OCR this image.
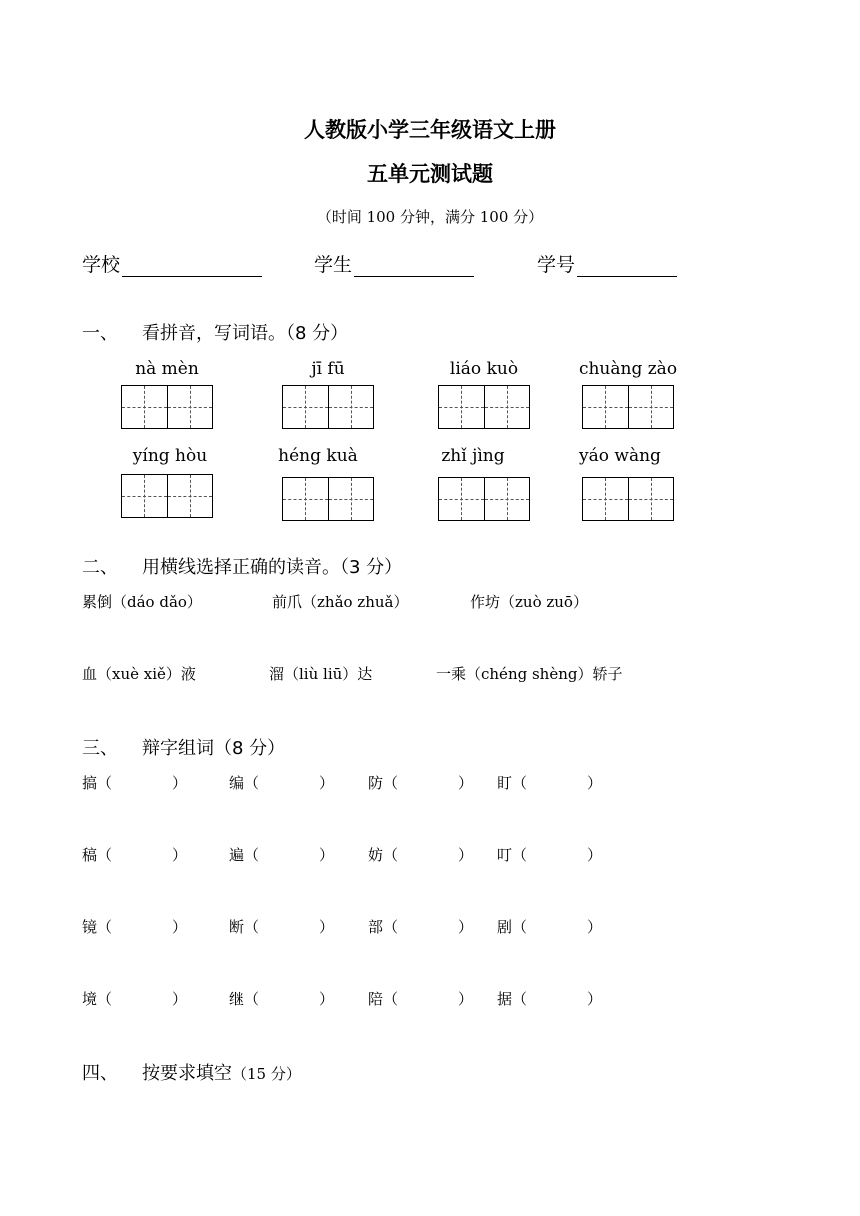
人教版小学三年级语文上册
五单元测试题
（时间 100 分钟，满分 100 分）
学校	学生	学号
一、 看拼音，写词语。（8 分）
nà mèn	jī fū	liáo kuò	chuàng zào
yíng hòu	héng kuà	zhǐ jìng	yáo wàng
二、 用横线选择正确的读音。（3 分）
累倒（dáo dǎo）	前爪（zhǎo zhuǎ）	作坊（zuò zuō）
血（xuè xiě）液	溜（liù liū）达	一乘（chéng shèng）轿子
三、 辩字组词（8 分）
搞（　　　　）	编（　　　　） 防（　　　　） 盯（　　　　）
稿（　　　　）	遍（　　　　） 妨（　　　　） 叮（　　　　）
镜（　　　　）	断（　　　　） 部（　　　　） 剧（　　　　）
境（　　　　）	继（　　　　） 陪（　　　　） 据（　　　　）
四、 按要求填空（15 分）
